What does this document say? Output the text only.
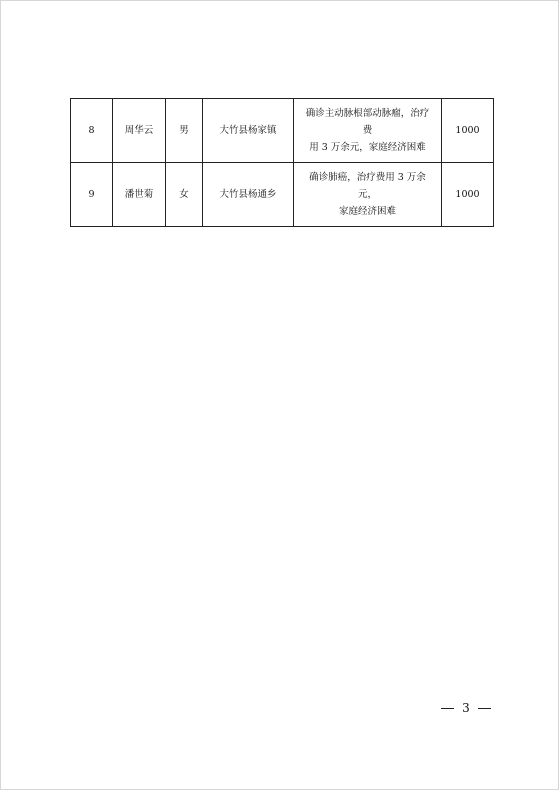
8	周华云	男	大竹县杨家镇	确诊主动脉根部动脉瘤，治疗费
用 3 万余元，家庭经济困难	1000
9	潘世菊	女	大竹县杨通乡	确诊肺癌，治疗费用 3 万余元，
家庭经济困难	1000
3
